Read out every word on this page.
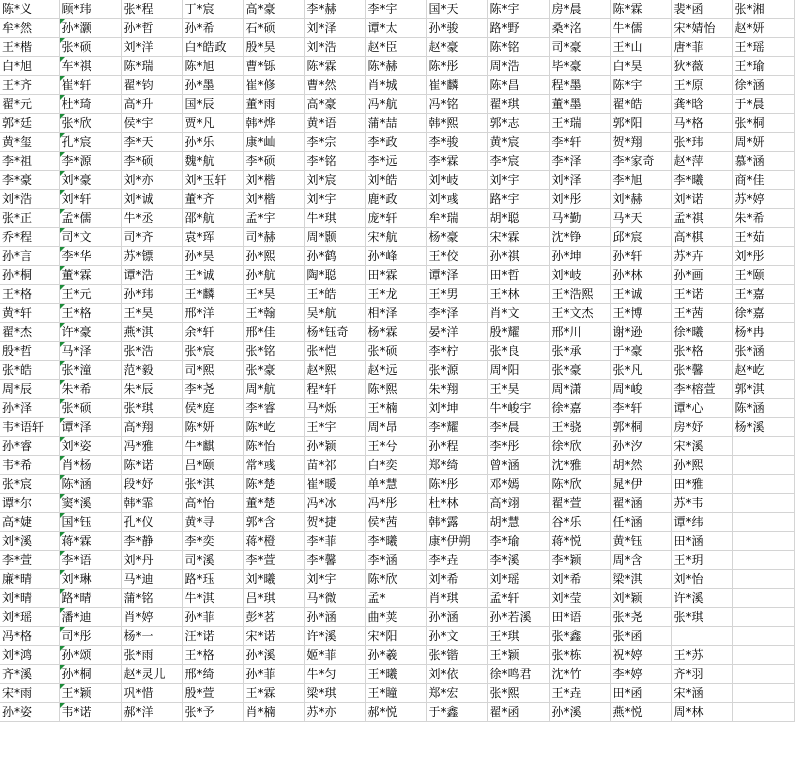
陈*义	顾*玮	张*程	丁*宸	高*豪	李*赫	李*宇	国*天	陈*宇	房*晨	陈*霖	裴*函	张*湘
牟*然	孙*灏	孙*哲	孙*希	石*硕	刘*泽	谭*太	孙*骏	路*野	桑*洺	牛*儒	宋*婧怡	赵*妍
王*楷	张*硕	刘*洋	白*皓政	殷*昊	刘*浩	赵*臣	赵*豪	陈*铭	司*豪	王*山	唐*菲	王*瑶
白*旭	车*祺	陈*瑞	陈*旭	曹*铄	陈*霖	陈*赫	陈*彤	周*浩	毕*豪	白*昊	狄*薇	王*瑜
王*齐	崔*轩	翟*钧	孙*墨	崔*修	曹*然	肖*城	崔*麟	陈*昌	程*墨	陈*宇	王*原	徐*涵
翟*元	杜*琦	高*升	国*辰	董*雨	高*豪	冯*航	冯*铭	翟*琪	董*墨	翟*皓	龚*晗	于*晨
郭*廷	张*欣	侯*宇	贾*凡	韩*烨	黄*语	蒲*喆	韩*熙	郭*志	王*瑞	郭*阳	马*格	张*桐
黄*玺	孔*宸	李*天	孙*乐	康*屾	李*宗	李*政	李*骏	黄*宸	李*轩	贺*翔	张*玮	周*妍
李*祖	李*源	李*硕	魏*航	李*硕	李*铭	李*远	李*霖	李*宸	李*泽	李*家奇	赵*萍	慕*涵
李*豪	刘*豪	刘*亦	刘*玉轩	刘*楷	刘*宸	刘*皓	刘*岐	刘*宇	刘*泽	李*旭	李*曦	商*佳
刘*浩	刘*轩	刘*诚	董*齐	刘*楷	刘*宇	鹿*政	刘*彧	路*宇	刘*彤	刘*赫	刘*诺	苏*婷
张*正	孟*儒	牛*丞	邵*航	孟*宇	牛*琪	庞*轩	牟*瑞	胡*聪	马*勤	马*天	孟*祺	朱*希
乔*程	司*文	司*齐	袁*珲	司*赫	周*颢	宋*航	杨*豪	宋*霖	沈*铮	邱*宸	高*棋	王*茹
孙*言	李*华	苏*镖	孙*昊	孙*熙	孙*鹤	孙*峰	王*佼	孙*祺	孙*坤	孙*轩	苏*卉	刘*彤
孙*桐	董*霖	谭*浩	王*诚	孙*航	陶*聪	田*霖	谭*泽	田*哲	刘*岐	孙*林	孙*画	王*颐
王*格	王*元	孙*玮	王*麟	王*昊	王*皓	王*龙	王*男	王*林	王*浩熙	王*诚	王*诺	王*嘉
黄*轩	王*格	王*昊	邢*洋	王*翰	吴*航	相*泽	李*泽	肖*文	王*文杰	王*博	王*茜	徐*嘉
翟*杰	许*豪	燕*淇	余*轩	邢*佳	杨*钰奇	杨*霖	晏*洋	殷*耀	邢*川	谢*逊	徐*曦	杨*冉
殷*哲	马*泽	张*浩	张*宸	张*铭	张*恺	张*硕	李*柠	张*良	张*承	于*豪	张*格	张*涵
张*皓	张*潼	范*毅	司*熙	张*豪	赵*熙	赵*远	张*源	周*阳	张*豪	张*凡	张*馨	赵*屹
周*辰	朱*希	朱*辰	李*尧	周*航	程*轩	陈*熙	朱*翔	王*昊	周*潇	周*峻	李*榕萱	郭*淇
孙*泽	张*硕	张*琪	侯*庭	李*睿	马*烁	王*楠	刘*坤	牛*峻宇	徐*嘉	李*轩	谭*心	陈*涵
韦*语轩	谭*泽	高*翔	陈*妍	陈*屹	王*宇	周*昂	李*耀	李*晨	王*骁	郭*桐	房*妤	杨*溪
孙*睿	刘*姿	冯*雅	牛*麒	陈*怡	孙*颖	王*兮	孙*程	李*彤	徐*欣	孙*汐	宋*溪	
韦*希	肖*杨	陈*诺	吕*颐	常*彧	苗*祁	白*奕	郑*绮	曾*涵	沈*雅	胡*然	孙*熙	
张*宸	陈*涵	段*妤	张*淇	陈*楚	崔*暖	单*慧	陈*彤	邓*嫣	陈*欣	晁*伊	田*雅	
谭*尔	窦*溪	韩*霏	高*怡	董*楚	冯*冰	冯*彤	杜*林	高*翊	翟*萱	翟*涵	苏*韦	
高*婕	国*钰	孔*仪	黄*寻	郭*含	贺*捷	侯*茜	韩*露	胡*慧	谷*乐	任*涵	谭*纬	
刘*溪	蒋*霖	李*静	李*奕	蒋*橙	李*菲	李*曦	康*伊朔	李*瑜	蒋*悦	黄*钰	田*涵	
李*萱	李*语	刘*丹	司*溪	李*萱	李*馨	李*涵	李*垚	李*溪	李*颖	周*含	王*玥	
廉*晴	刘*琳	马*迪	路*珏	刘*曦	刘*宇	陈*欣	刘*希	刘*瑶	刘*希	梁*淇	刘*怡	
刘*晴	路*晴	蒲*铭	牛*淇	吕*琪	马*微	孟*	肖*琪	孟*轩	刘*莹	刘*颖	许*溪	
刘*瑶	潘*迪	肖*婷	孙*菲	彭*茗	孙*涵	曲*荚	孙*涵	孙*若溪	田*语	张*尧	张*琪	
冯*格	司*彤	杨*一	汪*诺	宋*诺	许*溪	宋*阳	孙*文	王*琪	张*鑫	张*函		
刘*鸿	孙*颂	张*雨	王*格	孙*溪	姬*菲	孙*羲	张*锴	王*颖	张*栋	祝*婷	王*苏	
齐*溪	孙*桐	赵*灵儿	邢*绮	孙*菲	牛*匀	王*曦	刘*依	徐*鸣君	沈*竹	李*婷	齐*羽	
宋*雨	王*颖	巩*惜	殷*萱	王*霖	梁*琪	王*瞳	郑*宏	张*熙	王*垚	田*函	宋*涵	
孙*姿	韦*诺	郝*洋	张*予	肖*楠	苏*亦	郝*悦	于*鑫	翟*函	孙*溪	燕*悦	周*林	
